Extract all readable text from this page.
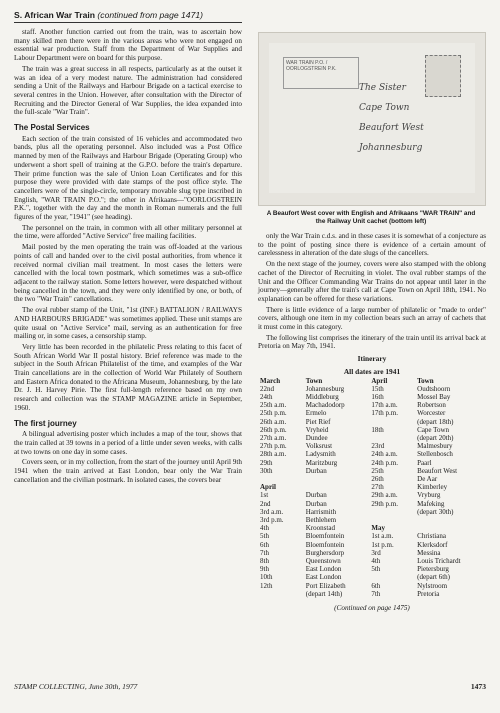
S. African War Train (continued from page 1471)

staff. Another function carried out from the train, was to ascertain how many skilled men there were in the various areas who were not engaged on essential war production. Staff from the Department of War Supplies and Labour Department were on board for this purpose.

The train was a great success in all respects, particularly as at the outset it was an idea of a very modest nature. The administration had considered sending a Unit of the Railways and Harbour Brigade on a tactical exercise to several centres in the Union. However, after consultation with the Director of Recruiting and the Director General of War Supplies, the idea expanded into the full-scale "War Train".

The Postal Services

Each section of the train consisted of 16 vehicles and accommodated two bands, plus all the operating personnel. Also included was a Post Office manned by men of the Railways and Harbour Brigade (Operating Group) who underwent a short spell of training at the G.P.O. before the train's departure. Their prime function was the sale of Union Loan Certificates and for this purpose they were provided with date stamps of the post office style. The cancellers were of the single-circle, temporary movable slug type inscribed in English, "WAR TRAIN P.O."; the other in Afrikaans—"OORLOGSTREIN P.K.", together with the day and the month in Roman numerals and the full figures of the year, "1941" (see heading).

The personnel on the train, in common with all other military personnel at the time, were afforded "Active Service" free mailing facilities.

Mail posted by the men operating the train was off-loaded at the various points of call and handed over to the civil postal authorities, from whence it received normal civilian mail treatment. In most cases the letters were cancelled with the local town postmark, which sometimes was a sub-office adjacent to the railway station. Some letters however, were despatched without being cancelled in the town, and they were only identified by one, or both, of the two "War Train" cancellations.

The oval rubber stamp of the Unit, "1st (INF.) BATTALION / RAILWAYS AND HARBOURS BRIGADE" was sometimes applied. These unit stamps are quite usual on "Active Service" mail, serving as an authentication for free mailing or, in some cases, a censorship stamp.

Very little has been recorded in the philatelic Press relating to this facet of South African World War II postal history. Brief reference was made to the subject in the South African Philatelist of the time, and examples of the War Train cancellations are in the collection of World War Philately of Southern and Eastern Africa donated to the Africana Museum, Johannesburg, by the late Dr. J. H. Harvey Pirie. The first full-length reference based on my own research and collection was the STAMP MAGAZINE article in September, 1960.

The first journey

A bilingual advertising poster which includes a map of the tour, shows that the train called at 39 towns in a period of a little under seven weeks, with calls at two towns on one day in some cases.

Covers seen, or in my collection, from the start of the journey until April 9th 1941 when the train arrived at East London, bear only the War Train cancellation and the civilian postmark. In isolated cases, the covers bear

WAR TRAIN P.O. / OORLOGSTREIN P.K.
The Sister
Cape Town
Beaufort West
Johannesburg
A Beaufort West cover with English and Afrikaans "WAR TRAIN" and the Railway Unit cachet (bottom left)

only the War Train c.d.s. and in these cases it is somewhat of a conjecture as to the point of posting since there is evidence of a certain amount of carelessness in alteration of the date slugs of the cancellers.

On the next stage of the journey, covers were also stamped with the oblong cachet of the Director of Recruiting in violet. The oval rubber stamps of the Unit and the Officer Commanding War Trains do not appear until later in the journey—generally after the train's call at Cape Town on April 18th, 1941. No explanation can be offered for these variations.

There is little evidence of a large number of philatelic or "made to order" covers, although one item in my collection bears such an array of cachets that it must come in this category.

The following list comprises the itinerary of the train until its arrival back at Pretoria on May 7th, 1941.

Itinerary
All dates are 1941
March	Town	April	Town
22nd	Johannesburg	15th	Oudtshoorn
24th	Middleburg	16th	Mossel Bay
25th a.m.	Machadodorp	17th a.m.	Robertson
25th p.m.	Ermelo	17th p.m.	Worcester
26th a.m.	Piet Rief		(depart 18th)
26th p.m.	Vryheid	18th	Cape Town
27th a.m.	Dundee		(depart 20th)
27th p.m.	Volksrust	23rd	Malmesbury
28th a.m.	Ladysmith	24th a.m.	Stellenbosch
29th	Maritzburg	24th p.m.	Paarl
30th	Durban	25th	Beaufort West
		26th	De Aar
April		27th	Kimberley
1st	Durban	29th a.m.	Vryburg
2nd	Durban	29th p.m.	Mafeking
3rd a.m.	Harrismith		(depart 30th)
3rd p.m.	Bethlehem		
4th	Kroonstad	May	
5th	Bloemfontein	1st a.m.	Christiana
6th	Bloemfontein	1st p.m.	Klerksdorf
7th	Burghersdorp	3rd	Messina
8th	Queenstown	4th	Louis Trichardt
9th	East London	5th	Pietersburg
10th	East London		(depart 6th)
12th	Port Elizabeth	6th	Nylstroom
	(depart 14th)	7th	Pretoria
(Continued on page 1475)
STAMP COLLECTING, June 30th, 1977	1473
